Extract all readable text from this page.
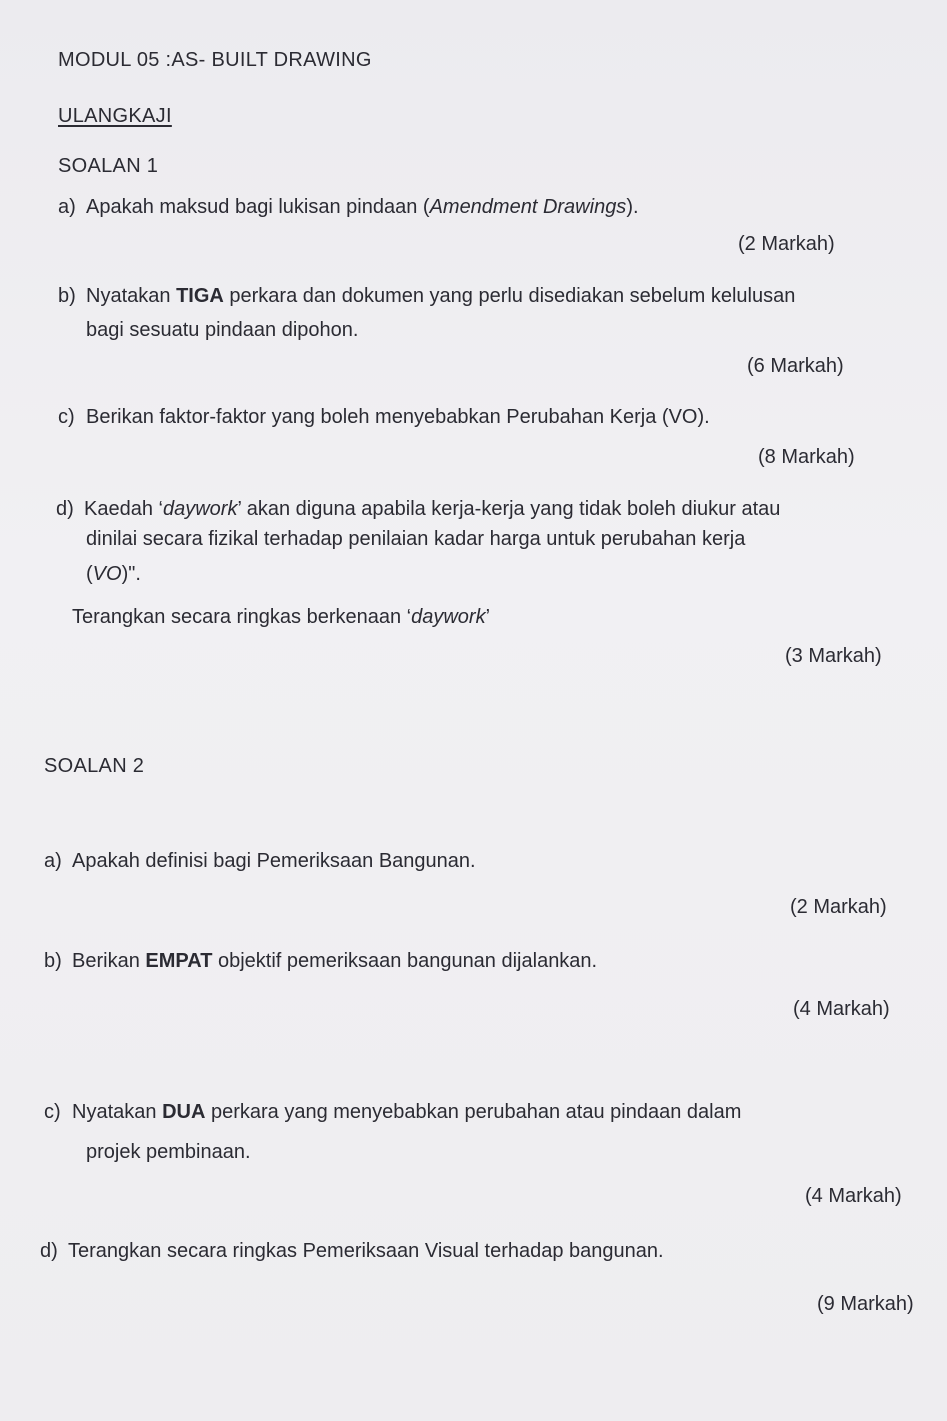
MODUL 05 :AS- BUILT DRAWING
ULANGKAJI
SOALAN 1
a) Apakah maksud bagi lukisan pindaan (Amendment Drawings).
(2 Markah)
b) Nyatakan TIGA perkara dan dokumen yang perlu disediakan sebelum kelulusan
bagi sesuatu pindaan dipohon.
(6 Markah)
c) Berikan faktor-faktor yang boleh menyebabkan Perubahan Kerja (VO).
(8 Markah)
d) Kaedah ‘daywork’ akan diguna apabila kerja-kerja yang tidak boleh diukur atau
dinilai secara fizikal terhadap penilaian kadar harga untuk perubahan kerja
(VO)".
Terangkan secara ringkas berkenaan ‘daywork’
(3 Markah)
SOALAN 2
a) Apakah definisi bagi Pemeriksaan Bangunan.
(2 Markah)
b) Berikan EMPAT objektif pemeriksaan bangunan dijalankan.
(4 Markah)
c) Nyatakan DUA perkara yang menyebabkan perubahan atau pindaan dalam
projek pembinaan.
(4 Markah)
d) Terangkan secara ringkas Pemeriksaan Visual terhadap bangunan.
(9 Markah)
